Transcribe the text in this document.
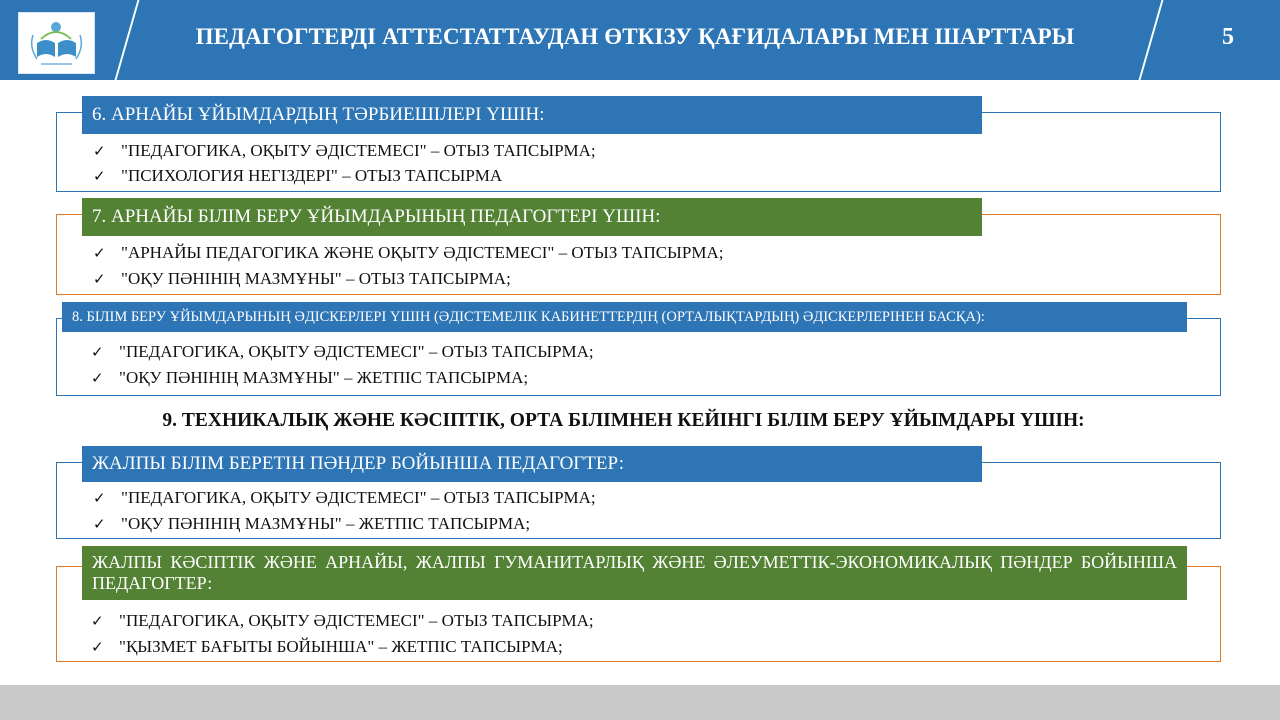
ПЕДАГОГТЕРДІ АТТЕСТАТТАУДАН ӨТКІЗУ ҚАҒИДАЛАРЫ МЕН ШАРТТАРЫ	5
6. АРНАЙЫ ҰЙЫМДАРДЫҢ ТӘРБИЕШІЛЕРІ ҮШІН:
✓ "ПЕДАГОГИКА, ОҚЫТУ ӘДІСТЕМЕСІ" – ОТЫЗ ТАПСЫРМА;
✓ "ПСИХОЛОГИЯ НЕГІЗДЕРІ" – ОТЫЗ ТАПСЫРМА
7. АРНАЙЫ БІЛІМ БЕРУ ҰЙЫМДАРЫНЫҢ ПЕДАГОГТЕРІ ҮШІН:
✓ "АРНАЙЫ ПЕДАГОГИКА ЖӘНЕ ОҚЫТУ ӘДІСТЕМЕСІ" – ОТЫЗ ТАПСЫРМА;
✓ "ОҚУ ПӘНІНІҢ МАЗМҰНЫ" – ОТЫЗ ТАПСЫРМА;
8. БІЛІМ БЕРУ ҰЙЫМДАРЫНЫҢ ӘДІСКЕРЛЕРІ ҮШІН (ӘДІСТЕМЕЛІК КАБИНЕТТЕРДІҢ (ОРТАЛЫҚТАРДЫҢ) ӘДІСКЕРЛЕРІНЕН БАСҚА):
✓ "ПЕДАГОГИКА, ОҚЫТУ ӘДІСТЕМЕСІ" – ОТЫЗ ТАПСЫРМА;
✓ "ОҚУ ПӘНІНІҢ МАЗМҰНЫ" – ЖЕТПІС ТАПСЫРМА;
9. ТЕХНИКАЛЫҚ ЖӘНЕ КӘСІПТІК, ОРТА БІЛІМНЕН КЕЙІНГІ БІЛІМ БЕРУ ҰЙЫМДАРЫ ҮШІН:
ЖАЛПЫ БІЛІМ БЕРЕТІН ПӘНДЕР БОЙЫНША ПЕДАГОГТЕР:
✓ "ПЕДАГОГИКА, ОҚЫТУ ӘДІСТЕМЕСІ" – ОТЫЗ ТАПСЫРМА;
✓ "ОҚУ ПӘНІНІҢ МАЗМҰНЫ" – ЖЕТПІС ТАПСЫРМА;
ЖАЛПЫ КӘСІПТІК ЖӘНЕ АРНАЙЫ, ЖАЛПЫ ГУМАНИТАРЛЫҚ ЖӘНЕ ӘЛЕУМЕТТІК-ЭКОНОМИКАЛЫҚ ПӘНДЕР БОЙЫНША ПЕДАГОГТЕР:
✓ "ПЕДАГОГИКА, ОҚЫТУ ӘДІСТЕМЕСІ" – ОТЫЗ ТАПСЫРМА;
✓ "ҚЫЗМЕТ БАҒЫТЫ БОЙЫНША" – ЖЕТПІС ТАПСЫРМА;
